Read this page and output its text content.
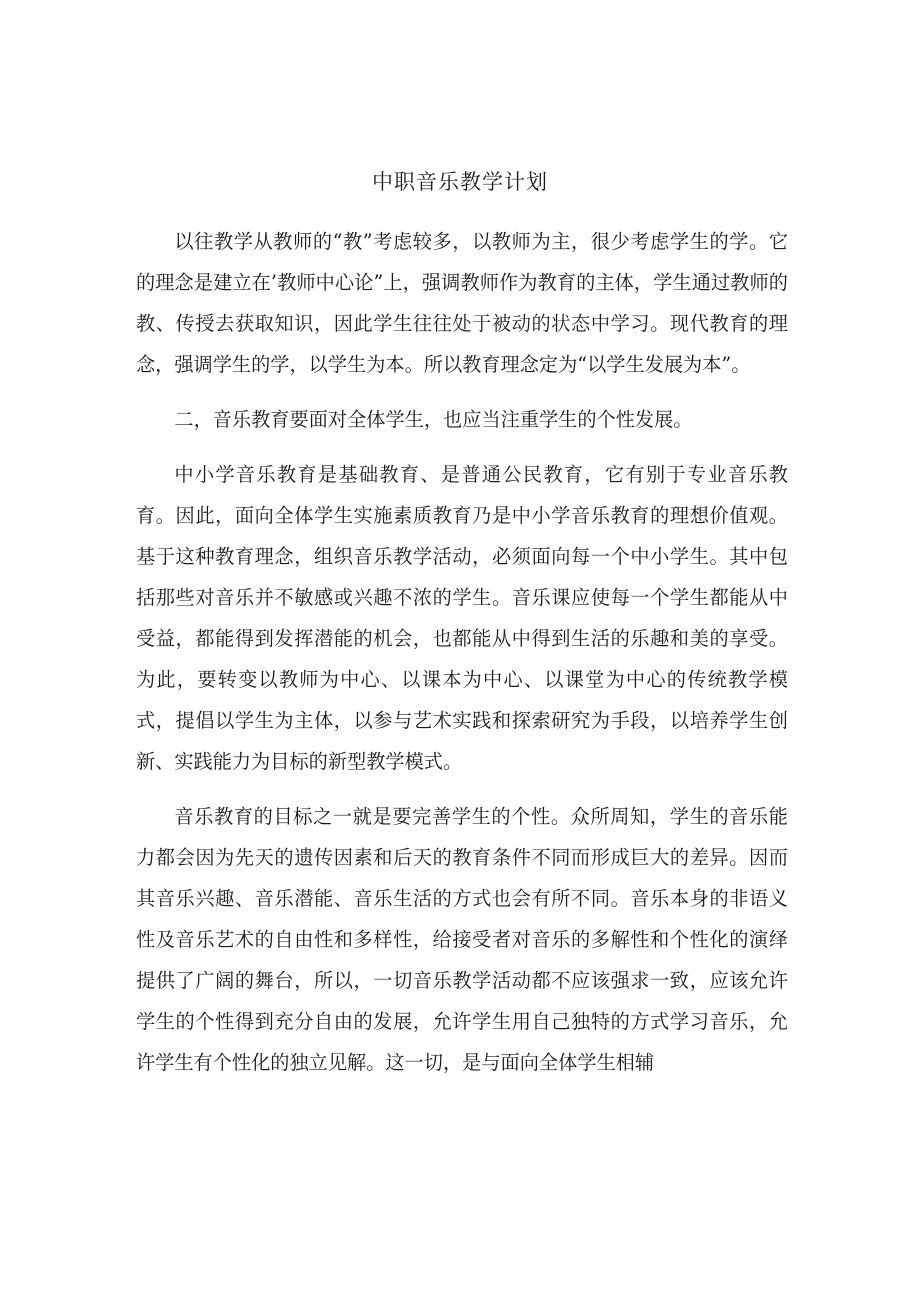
中职音乐教学计划

以往教学从教师的“教”考虑较多，以教师为主，很少考虑学生的学。它的理念是建立在’教师中心论”上，强调教师作为教育的主体，学生通过教师的教、传授去获取知识，因此学生往往处于被动的状态中学习。现代教育的理念，强调学生的学，以学生为本。所以教育理念定为“以学生发展为本”。

二，音乐教育要面对全体学生，也应当注重学生的个性发展。

中小学音乐教育是基础教育、是普通公民教育，它有别于专业音乐教育。因此，面向全体学生实施素质教育乃是中小学音乐教育的理想价值观。基于这种教育理念，组织音乐教学活动，必须面向每一个中小学生。其中包括那些对音乐并不敏感或兴趣不浓的学生。音乐课应使每一个学生都能从中受益，都能得到发挥潜能的机会，也都能从中得到生活的乐趣和美的享受。为此，要转变以教师为中心、以课本为中心、以课堂为中心的传统教学模式，提倡以学生为主体，以参与艺术实践和探索研究为手段，以培养学生创新、实践能力为目标的新型教学模式。

音乐教育的目标之一就是要完善学生的个性。众所周知，学生的音乐能力都会因为先天的遗传因素和后天的教育条件不同而形成巨大的差异。因而其音乐兴趣、音乐潜能、音乐生活的方式也会有所不同。音乐本身的非语义性及音乐艺术的自由性和多样性，给接受者对音乐的多解性和个性化的演绎提供了广阔的舞台，所以，一切音乐教学活动都不应该强求一致，应该允许学生的个性得到充分自由的发展，允许学生用自己独特的方式学习音乐，允许学生有个性化的独立见解。这一切，是与面向全体学生相辅
